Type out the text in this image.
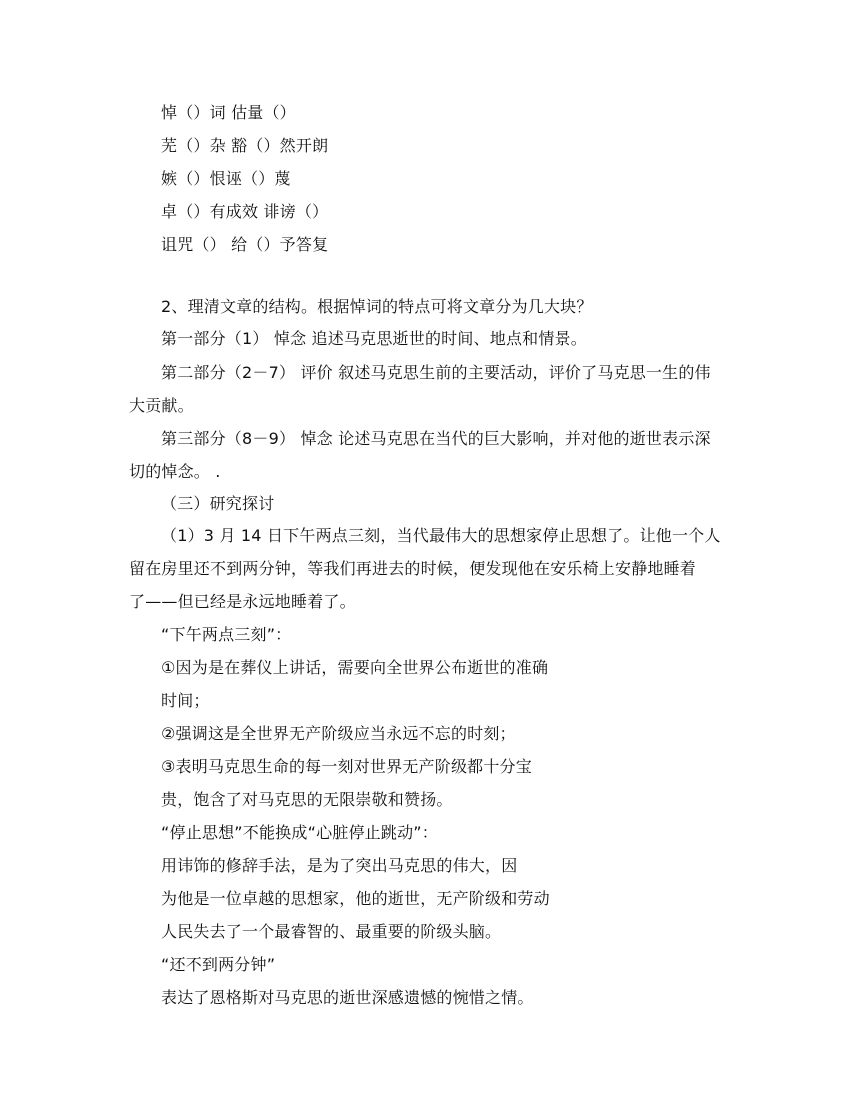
悼（）词 估量（）
芜（）杂 豁（）然开朗
嫉（）恨诬（）蔑
卓（）有成效 诽谤（）
诅咒（） 给（）予答复
2、理清文章的结构。根据悼词的特点可将文章分为几大块？
第一部分（1） 悼念 追述马克思逝世的时间、地点和情景。
第二部分（2－7） 评价 叙述马克思生前的主要活动，评价了马克思一生的伟
大贡献。
第三部分（8－9） 悼念 论述马克思在当代的巨大影响，并对他的逝世表示深
切的悼念。 .
（三）研究探讨
（1）3 月 14 日下午两点三刻，当代最伟大的思想家停止思想了。让他一个人
留在房里还不到两分钟，等我们再进去的时候，便发现他在安乐椅上安静地睡着
了——但已经是永远地睡着了。
“下午两点三刻”：
①因为是在葬仪上讲话，需要向全世界公布逝世的准确
时间；
②强调这是全世界无产阶级应当永远不忘的时刻；
③表明马克思生命的每一刻对世界无产阶级都十分宝
贵，饱含了对马克思的无限崇敬和赞扬。
“停止思想”不能换成“心脏停止跳动”：
用讳饰的修辞手法，是为了突出马克思的伟大，因
为他是一位卓越的思想家，他的逝世，无产阶级和劳动
人民失去了一个最睿智的、最重要的阶级头脑。
“还不到两分钟”
表达了恩格斯对马克思的逝世深感遗憾的惋惜之情。
